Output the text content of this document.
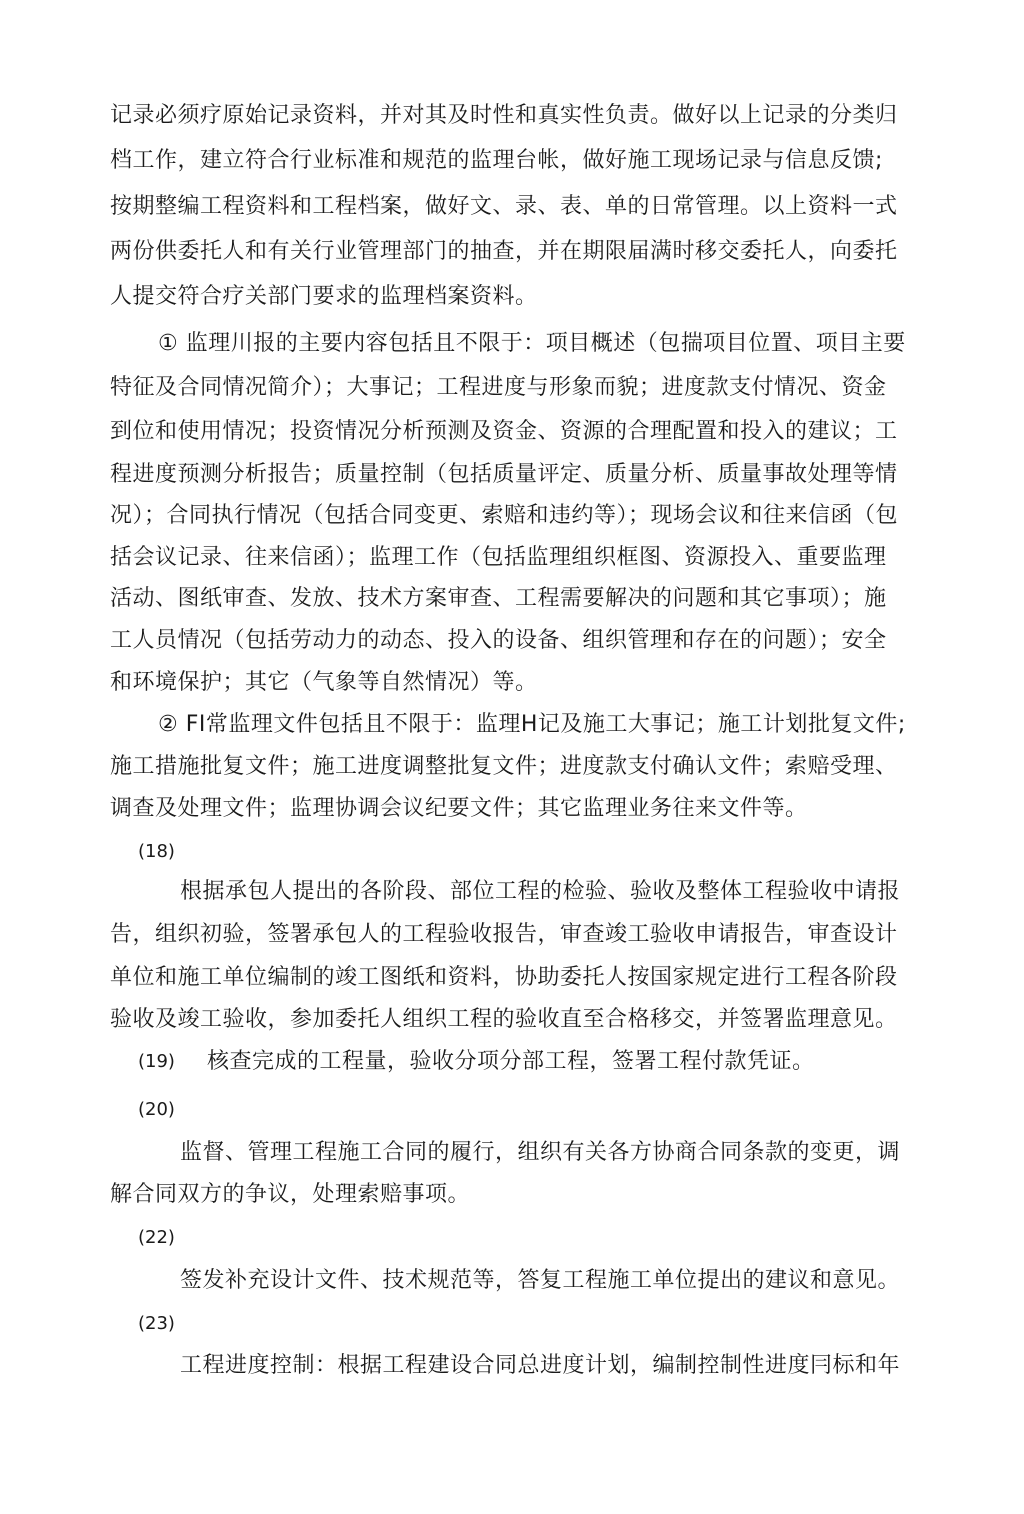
记录必须疗原始记录资料，并对其及时性和真实性负责。做好以上记录的分类归
档工作，建立符合行业标准和规范的监理台帐，做好施工现场记录与信息反馈;
按期整编工程资料和工程档案，做好文、录、表、单的日常管理。以上资料一式
两份供委托人和有关行业管理部门的抽查，并在期限届满时移交委托人，向委托
人提交符合疗关部门要求的监理档案资料。
① 监理川报的主要内容包括且不限于：项目概述（包揣项目位置、项目主要
特征及合同情况简介）；大事记；工程进度与形象而貌；进度款支付情况、资金
到位和使用情况；投资情况分析预测及资金、资源的合理配置和投入的建议；工
程进度预测分析报告；质量控制（包括质量评定、质量分析、质量事故处理等情
况）；合同执行情况（包括合同变更、索赔和违约等）；现场会议和往来信函（包
括会议记录、往来信函）；监理工作（包括监理组织框图、资源投入、重要监理
活动、图纸审查、发放、技术方案审查、工程需要解决的问题和其它事项）；施
工人员情况（包括劳动力的动态、投入的设备、组织管理和存在的问题）；安全
和环境保护；其它（气象等自然情况）等。
② FI常监理文件包括且不限于：监理H记及施工大事记；施工计划批复文件;
施工措施批复文件；施工进度调整批复文件；进度款支付确认文件；索赔受理、
调查及处理文件；监理协调会议纪要文件；其它监理业务往来文件等。
(18)
根据承包人提出的各阶段、部位工程的检验、验收及整体工程验收中请报
告，组织初验，签署承包人的工程验收报告，审查竣工验收申请报告，审查设计
单位和施工单位编制的竣工图纸和资料，协助委托人按国家规定进行工程各阶段
验收及竣工验收，参加委托人组织工程的验收直至合格移交，并签署监理意见。
(19) 核查完成的工程量，验收分项分部工程，签署工程付款凭证。
(20)
监督、管理工程施工合同的履行，组织有关各方协商合同条款的变更，调
解合同双方的争议，处理索赔事项。
(22)
签发补充设计文件、技术规范等，答复工程施工单位提出的建议和意见。
(23)
工程进度控制：根据工程建设合同总进度计划，编制控制性进度冃标和年
